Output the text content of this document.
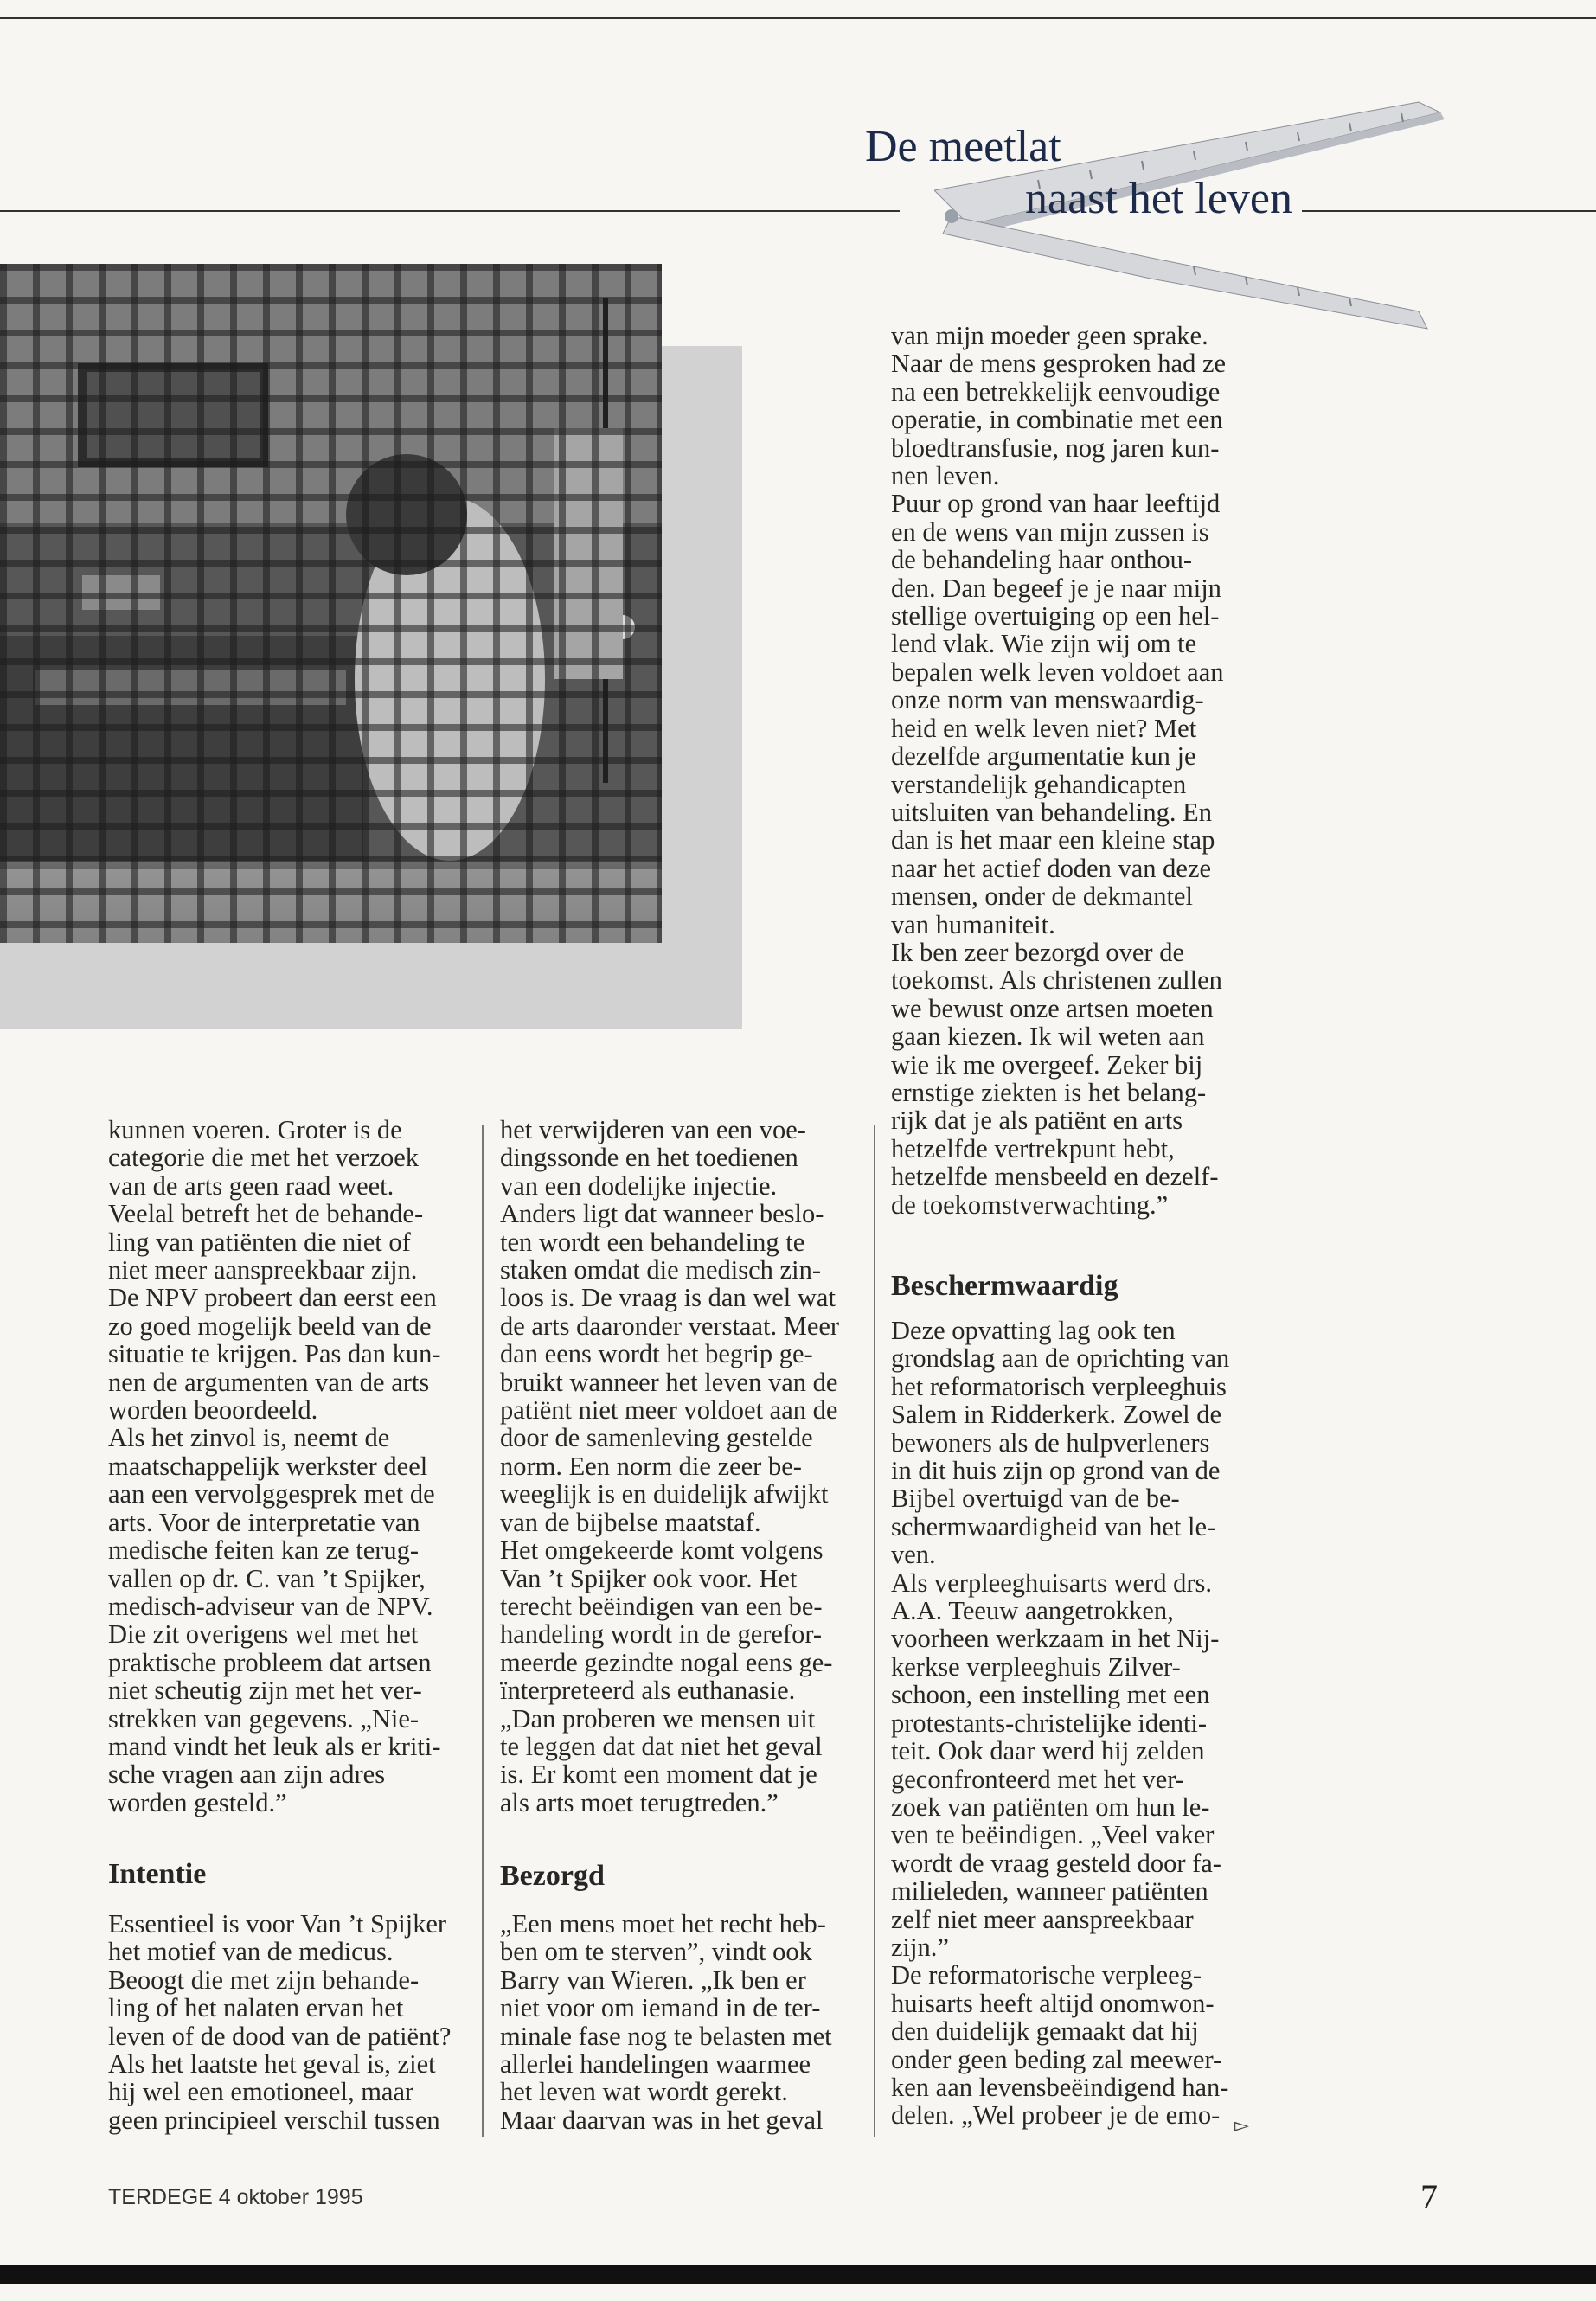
De meetlat
naast het leven
kunnen voeren. Groter is de
categorie die met het verzoek
van de arts geen raad weet.
Veelal betreft het de behande-
ling van patiënten die niet of
niet meer aanspreekbaar zijn.
De NPV probeert dan eerst een
zo goed mogelijk beeld van de
situatie te krijgen. Pas dan kun-
nen de argumenten van de arts
worden beoordeeld.
Als het zinvol is, neemt de
maatschappelijk werkster deel
aan een vervolggesprek met de
arts. Voor de interpretatie van
medische feiten kan ze terug-
vallen op dr. C. van ’t Spijker,
medisch-adviseur van de NPV.
Die zit overigens wel met het
praktische probleem dat artsen
niet scheutig zijn met het ver-
strekken van gegevens. „Nie-
mand vindt het leuk als er kriti-
sche vragen aan zijn adres
worden gesteld.”
Intentie
Essentieel is voor Van ’t Spijker
het motief van de medicus.
Beoogt die met zijn behande-
ling of het nalaten ervan het
leven of de dood van de patiënt?
Als het laatste het geval is, ziet
hij wel een emotioneel, maar
geen principieel verschil tussen
het verwijderen van een voe-
dingssonde en het toedienen
van een dodelijke injectie.
Anders ligt dat wanneer beslo-
ten wordt een behandeling te
staken omdat die medisch zin-
loos is. De vraag is dan wel wat
de arts daaronder verstaat. Meer
dan eens wordt het begrip ge-
bruikt wanneer het leven van de
patiënt niet meer voldoet aan de
door de samenleving gestelde
norm. Een norm die zeer be-
weeglijk is en duidelijk afwijkt
van de bijbelse maatstaf.
Het omgekeerde komt volgens
Van ’t Spijker ook voor. Het
terecht beëindigen van een be-
handeling wordt in de gerefor-
meerde gezindte nogal eens ge-
ïnterpreteerd als euthanasie.
„Dan proberen we mensen uit
te leggen dat dat niet het geval
is. Er komt een moment dat je
als arts moet terugtreden.”
Bezorgd
„Een mens moet het recht heb-
ben om te sterven”, vindt ook
Barry van Wieren. „Ik ben er
niet voor om iemand in de ter-
minale fase nog te belasten met
allerlei handelingen waarmee
het leven wat wordt gerekt.
Maar daarvan was in het geval
van mijn moeder geen sprake.
Naar de mens gesproken had ze
na een betrekkelijk eenvoudige
operatie, in combinatie met een
bloedtransfusie, nog jaren kun-
nen leven.
Puur op grond van haar leeftijd
en de wens van mijn zussen is
de behandeling haar onthou-
den. Dan begeef je je naar mijn
stellige overtuiging op een hel-
lend vlak. Wie zijn wij om te
bepalen welk leven voldoet aan
onze norm van menswaardig-
heid en welk leven niet? Met
dezelfde argumentatie kun je
verstandelijk gehandicapten
uitsluiten van behandeling. En
dan is het maar een kleine stap
naar het actief doden van deze
mensen, onder de dekmantel
van humaniteit.
Ik ben zeer bezorgd over de
toekomst. Als christenen zullen
we bewust onze artsen moeten
gaan kiezen. Ik wil weten aan
wie ik me overgeef. Zeker bij
ernstige ziekten is het belang-
rijk dat je als patiënt en arts
hetzelfde vertrekpunt hebt,
hetzelfde mensbeeld en dezelf-
de toekomstverwachting.”
Beschermwaardig
Deze opvatting lag ook ten
grondslag aan de oprichting van
het reformatorisch verpleeghuis
Salem in Ridderkerk. Zowel de
bewoners als de hulpverleners
in dit huis zijn op grond van de
Bijbel overtuigd van de be-
schermwaardigheid van het le-
ven.
Als verpleeghuisarts werd drs.
A.A. Teeuw aangetrokken,
voorheen werkzaam in het Nij-
kerkse verpleeghuis Zilver-
schoon, een instelling met een
protestants-christelijke identi-
teit. Ook daar werd hij zelden
geconfronteerd met het ver-
zoek van patiënten om hun le-
ven te beëindigen. „Veel vaker
wordt de vraag gesteld door fa-
milieleden, wanneer patiënten
zelf niet meer aanspreekbaar
zijn.”
De reformatorische verpleeg-
huisarts heeft altijd onomwon-
den duidelijk gemaakt dat hij
onder geen beding zal meewer-
ken aan levensbeëindigend han-
delen. „Wel probeer je de emo- ▻
TERDEGE 4 oktober 1995	7
